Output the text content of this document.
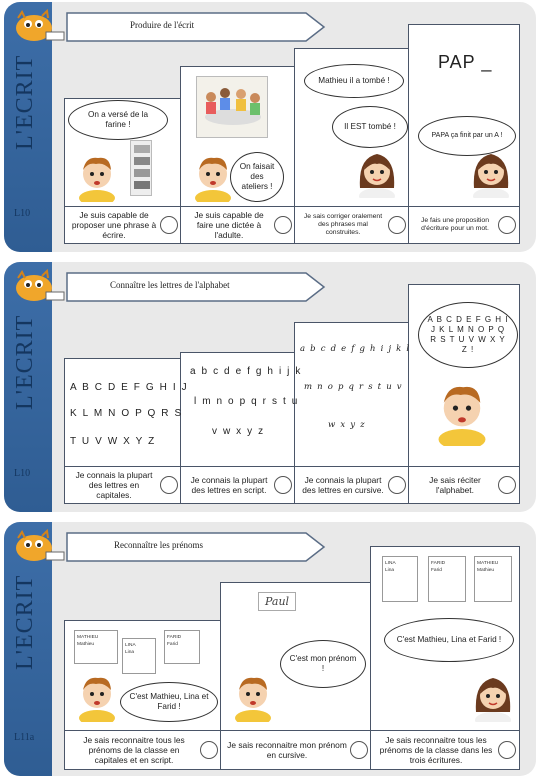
L'ECRIT
L10
Produire de l'écrit
PAP _
On a versé de la farine !
On faisait des ateliers !
Mathieu il a tombé !
Il EST tombé !
PAPA ça finit par un A !
Je suis capable de proposer une phrase à écrire.
Je suis capable de faire une dictée à l'adulte.
Je sais corriger oralement des phrases mal construites.
Je fais une proposition d'écriture pour un mot.
L'ECRIT
L10
Connaître les lettres de l'alphabet
A B C D E F G H I J
K L M N O P Q R S
T U V W X Y Z
a b c d e f g h i j k
l m n o p q r s t u
v w x y z
a b c d e f g h i j k l
m n o p q r s t u v
w x y z
A B C D E F G H I J K L M N O P Q R S T U V W X Y Z !
Je connais la plupart des lettres en capitales.
Je connais la plupart des lettres en script.
Je connais la plupart des lettres en cursive.
Je sais réciter l'alphabet.
L'ECRIT
L11a
Reconnaître les prénoms
MATHIEU
Mathieu	LINA
Lina
FARID
Farid
Paul
LINA
Lina
FARID
Farid
MATHIEU
Mathieu
C'est Mathieu, Lina et Farid !
C'est mon prénom !
C'est Mathieu, Lina et Farid !
Je sais reconnaitre tous les prénoms de la classe en capitales et en script.
Je sais reconnaitre mon prénom en cursive.
Je sais reconnaitre tous les prénoms de la classe dans les trois écritures.
